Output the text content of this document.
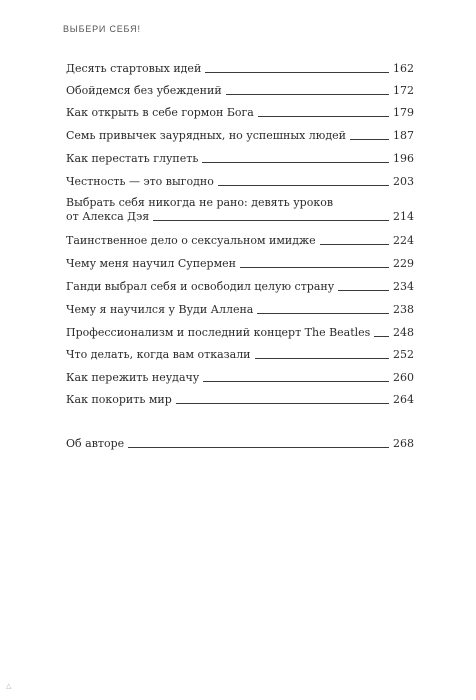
ВЫБЕРИ СЕБЯ!
Десять стартовых идей	162
Обойдемся без убеждений	172
Как открыть в себе гормон Бога	179
Семь привычек заурядных, но успешных людей	187
Как перестать глупеть	196
Честность — это выгодно	203
Выбрать себя никогда не рано: девять уроков
от Алекса Дэя	214
Таинственное дело о сексуальном имидже	224
Чему меня научил Супермен	229
Ганди выбрал себя и освободил целую страну	234
Чему я научился у Вуди Аллена	238
Профессионализм и последний концерт The Beatles 248
Что делать, когда вам отказали	252
Как пережить неудачу	260
Как покорить мир	264
Об авторе	268
△
